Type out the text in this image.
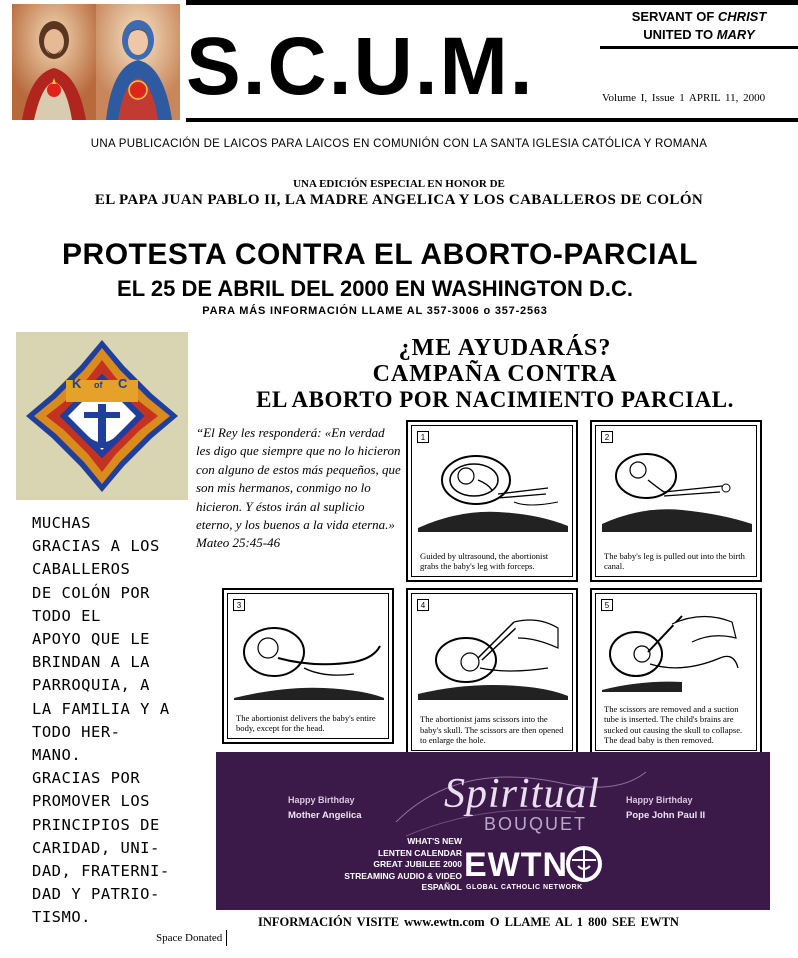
S.C.U.M.
SERVANT OF CHRIST
UNITED TO MARY
Volume I, Issue 1 APRIL 11, 2000
UNA PUBLICACIÓN DE LAICOS PARA LAICOS EN COMUNIÓN CON LA SANTA IGLESIA CATÓLICA Y ROMANA
UNA EDICIÓN ESPECIAL EN HONOR DE
EL PAPA JUAN PABLO II, LA MADRE ANGELICA Y LOS CABALLEROS DE COLÓN
PROTESTA CONTRA EL ABORTO-PARCIAL
EL 25 DE ABRIL DEL 2000 EN WASHINGTON D.C.
PARA MÁS INFORMACIÓN LLAME AL 357-3006 o 357-2563
K of C
MUCHAS
GRACIAS A LOS
CABALLEROS
DE COLÓN POR
TODO EL
APOYO QUE LE
BRINDAN A LA
PARROQUIA, A
LA FAMILIA Y A
TODO HER-
MANO.
GRACIAS POR
PROMOVER LOS
PRINCIPIOS DE
CARIDAD, UNI-
DAD, FRATERNI-
DAD Y PATRIO-
TISMO.
¿ME AYUDARÁS?
CAMPAÑA CONTRA
EL ABORTO POR NACIMIENTO PARCIAL.
“El Rey les responderá: «En verdad les digo que siempre que no lo hicieron con alguno de estos más pequeños, que son mis hermanos, conmigo no lo hicieron. Y éstos irán al suplicio eterno, y los buenos a la vida eterna.» Mateo 25:45-46
1
Guided by ultrasound, the abortionist grabs the baby's leg with forceps.
2
The baby's leg is pulled out into the birth canal.
3
The abortionist delivers the baby's entire body, except for the head.
4
The abortionist jams scissors into the baby's skull. The scissors are then opened to enlarge the hole.
5
The scissors are removed and a suction tube is inserted. The child's brains are sucked out causing the skull to collapse. The dead baby is then removed.
Happy Birthday
Mother Angelica Spiritual
BOUQUET
Happy Birthday
Pope John Paul II
WHAT'S NEW
LENTEN CALENDAR
GREAT JUBILEE 2000
STREAMING AUDIO & VIDEO
ESPAÑOL
EWTN
GLOBAL CATHOLIC NETWORK
INFORMACIÓN VISITE www.ewtn.com O LLAME AL 1 800 SEE EWTN
Space Donated
